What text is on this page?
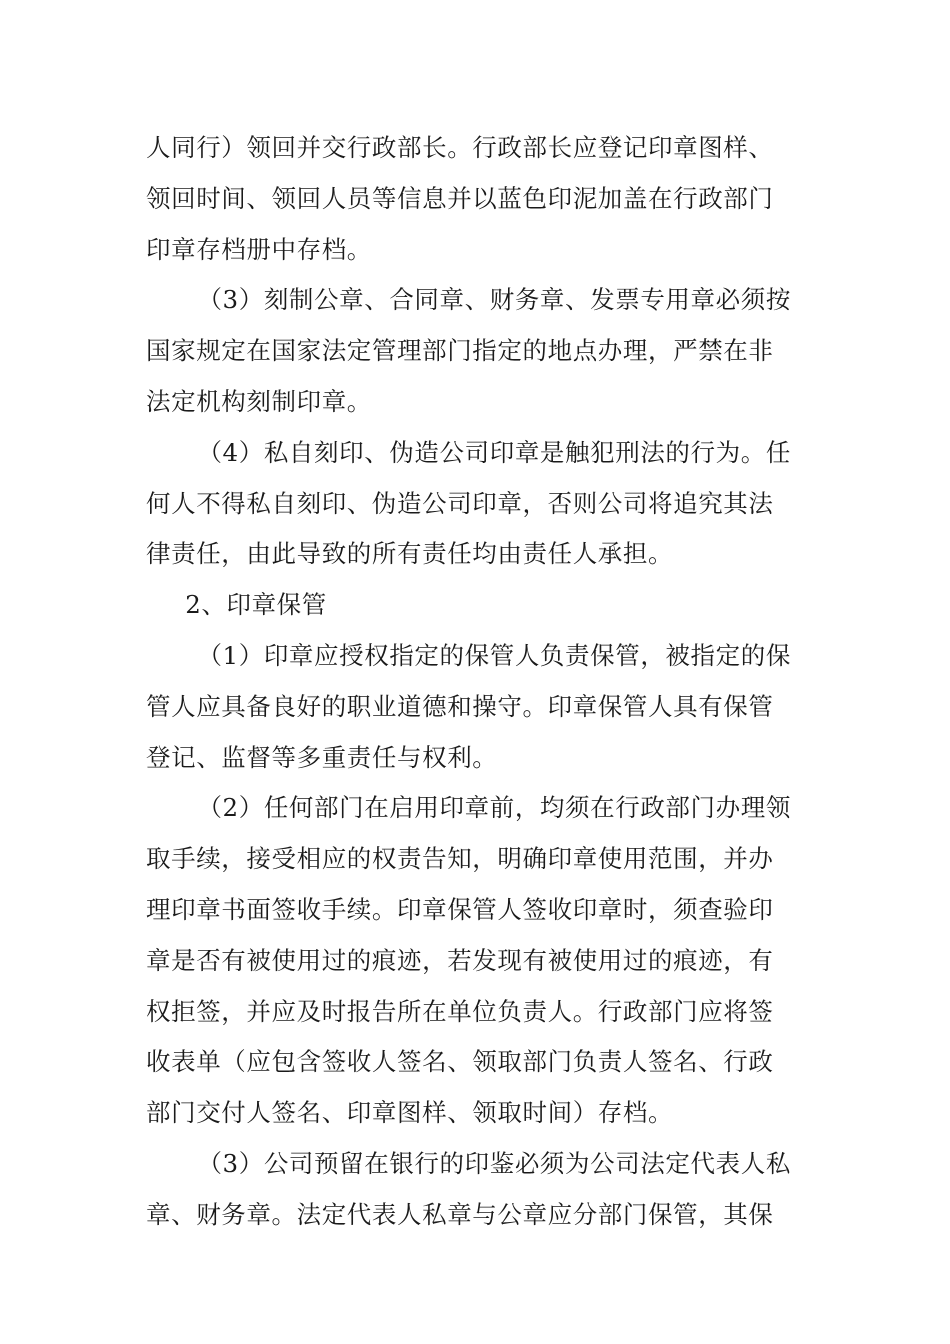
人同行）领回并交行政部长。行政部长应登记印章图样、
领回时间、领回人员等信息并以蓝色印泥加盖在行政部门
印章存档册中存档。
（3）刻制公章、合同章、财务章、发票专用章必须按
国家规定在国家法定管理部门指定的地点办理，严禁在非
法定机构刻制印章。
（4）私自刻印、伪造公司印章是触犯刑法的行为。任
何人不得私自刻印、伪造公司印章，否则公司将追究其法
律责任，由此导致的所有责任均由责任人承担。
2、印章保管
（1）印章应授权指定的保管人负责保管，被指定的保
管人应具备良好的职业道德和操守。印章保管人具有保管
登记、监督等多重责任与权利。
（2）任何部门在启用印章前，均须在行政部门办理领
取手续，接受相应的权责告知，明确印章使用范围，并办
理印章书面签收手续。印章保管人签收印章时，须查验印
章是否有被使用过的痕迹，若发现有被使用过的痕迹，有
权拒签，并应及时报告所在单位负责人。行政部门应将签
收表单（应包含签收人签名、领取部门负责人签名、行政
部门交付人签名、印章图样、领取时间）存档。
（3）公司预留在银行的印鉴必须为公司法定代表人私
章、财务章。法定代表人私章与公章应分部门保管，其保
